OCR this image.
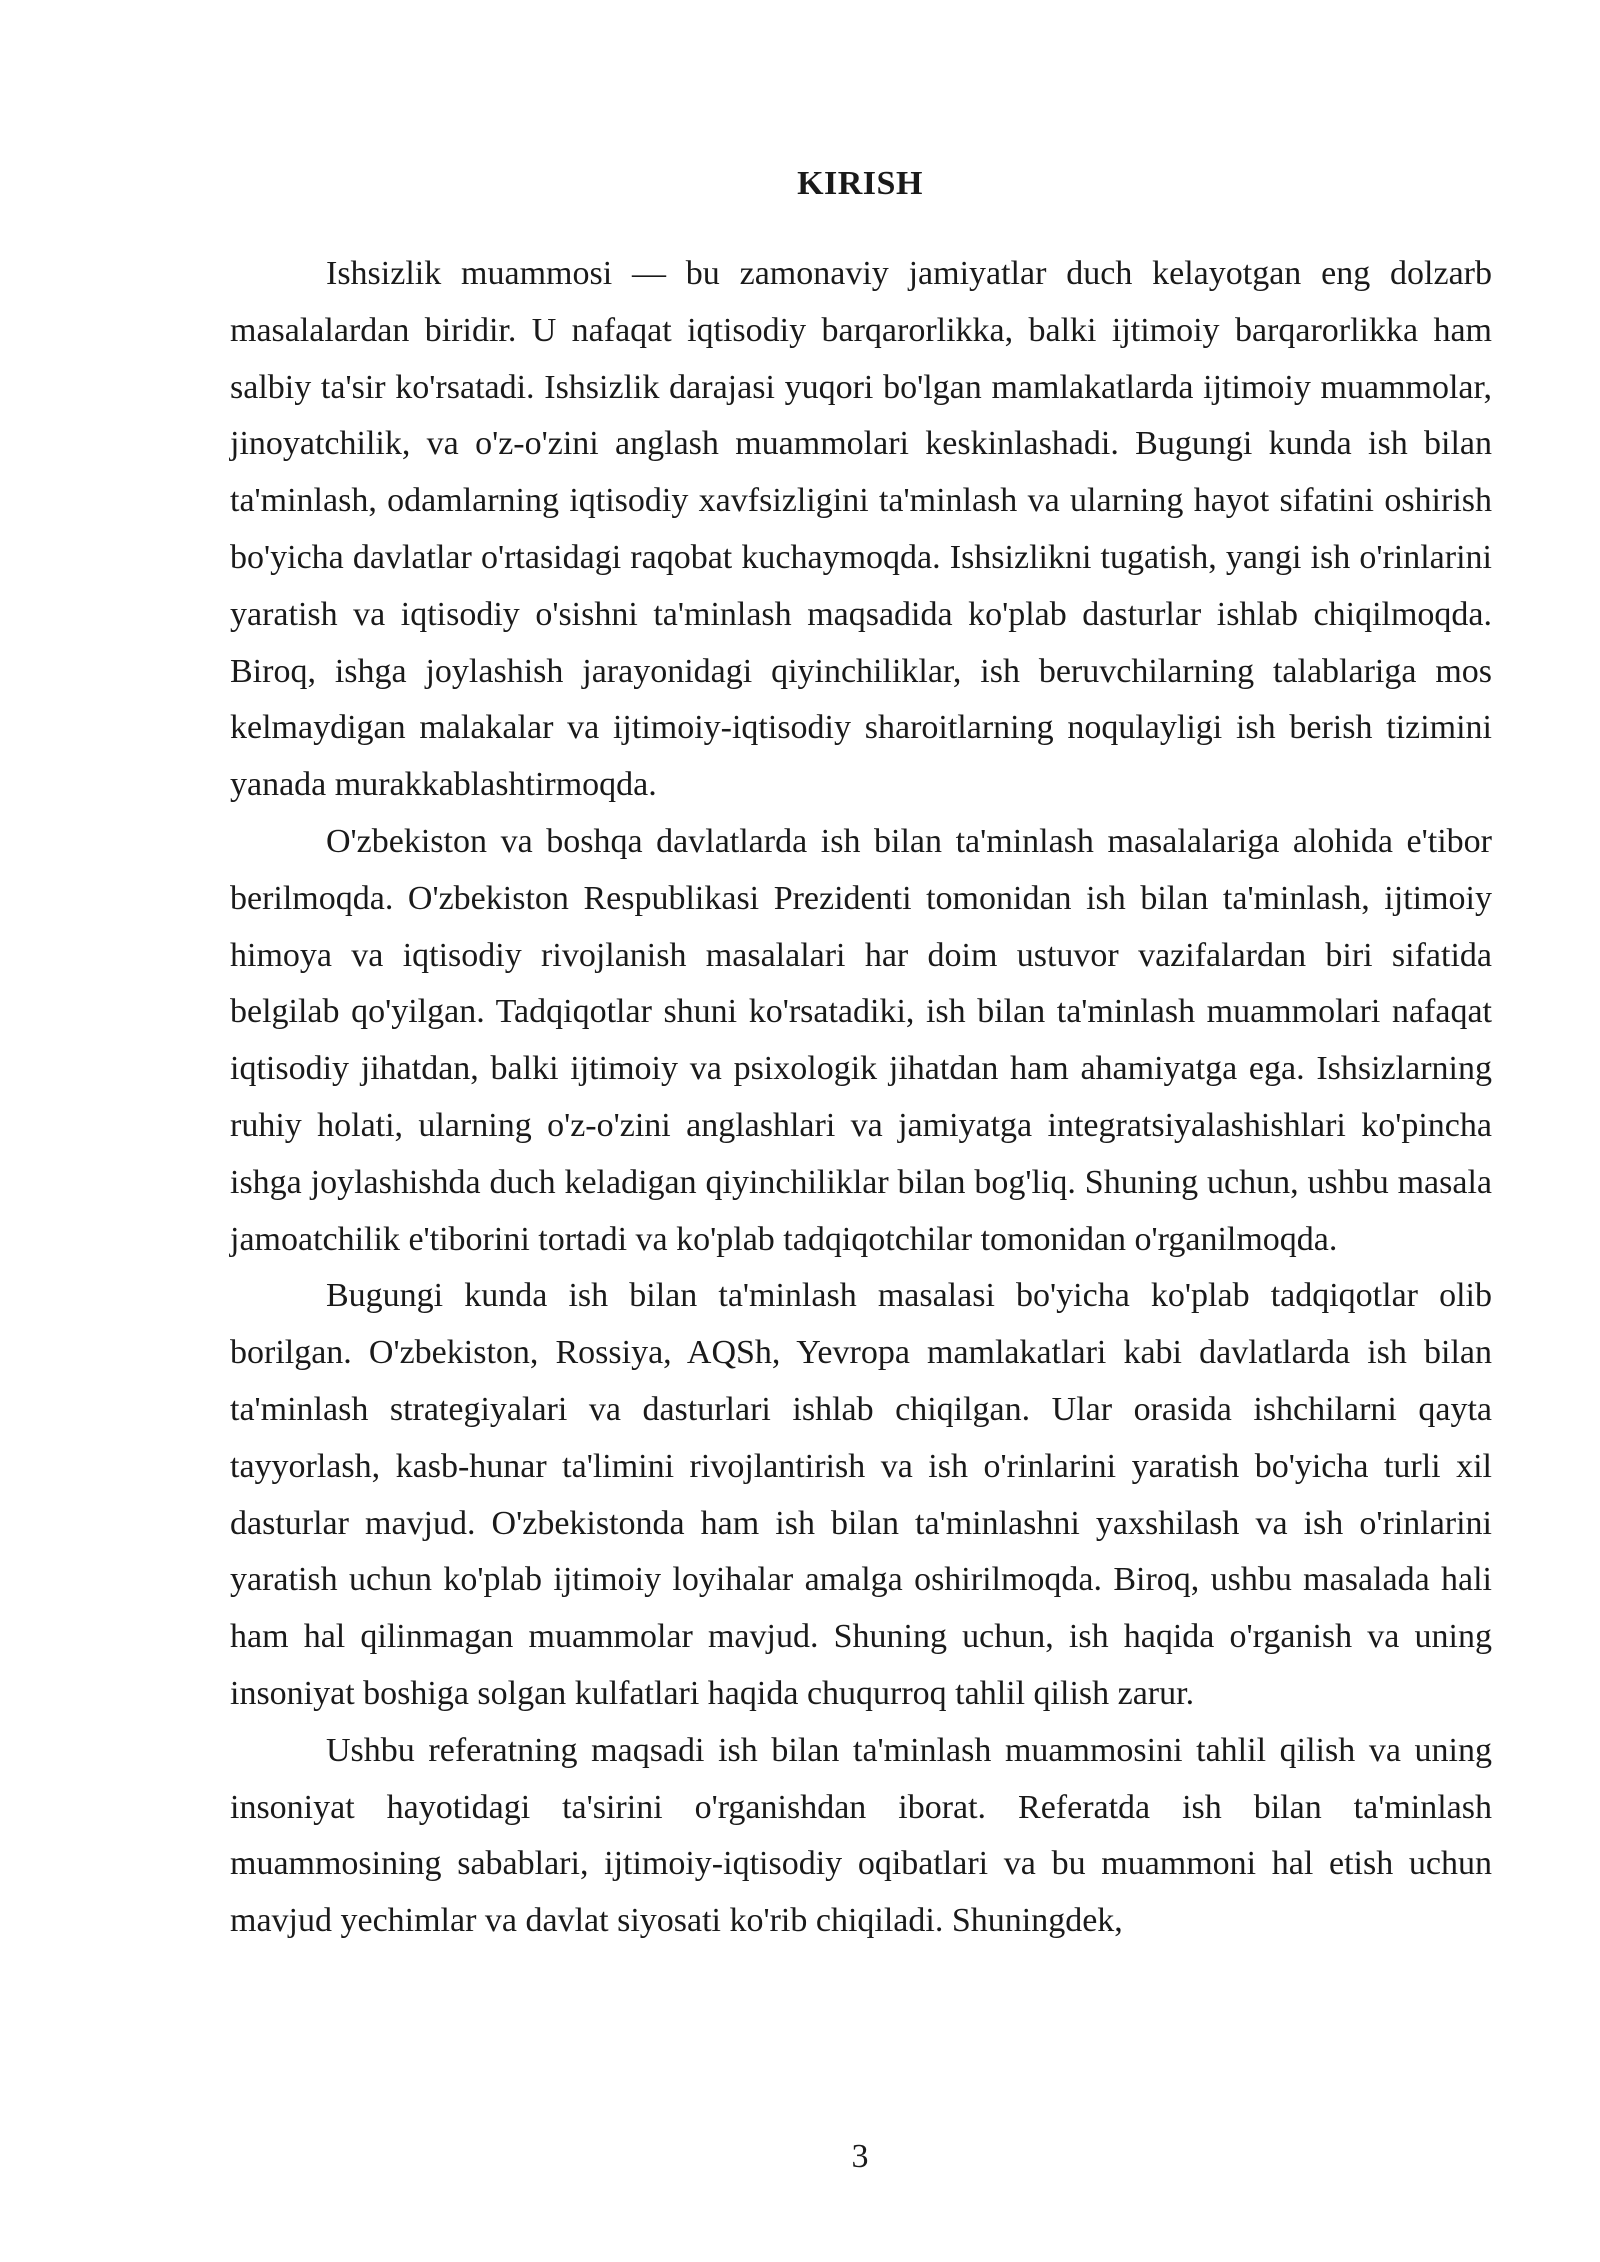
KIRISH

Ishsizlik muammosi — bu zamonaviy jamiyatlar duch kelayotgan eng dolzarb masalalardan biridir. U nafaqat iqtisodiy barqarorlikka, balki ijtimoiy barqarorlikka ham salbiy ta'sir ko'rsatadi. Ishsizlik darajasi yuqori bo'lgan mamlakatlarda ijtimoiy muammolar, jinoyatchilik, va o'z-o'zini anglash muammolari keskinlashadi. Bugungi kunda ish bilan ta'minlash, odamlarning iqtisodiy xavfsizligini ta'minlash va ularning hayot sifatini oshirish bo'yicha davlatlar o'rtasidagi raqobat kuchaymoqda. Ishsizlikni tugatish, yangi ish o'rinlarini yaratish va iqtisodiy o'sishni ta'minlash maqsadida ko'plab dasturlar ishlab chiqilmoqda. Biroq, ishga joylashish jarayonidagi qiyinchiliklar, ish beruvchilarning talablariga mos kelmaydigan malakalar va ijtimoiy-iqtisodiy sharoitlarning noqulayligi ish berish tizimini yanada murakkablashtirmoqda.

O'zbekiston va boshqa davlatlarda ish bilan ta'minlash masalalariga alohida e'tibor berilmoqda. O'zbekiston Respublikasi Prezidenti tomonidan ish bilan ta'minlash, ijtimoiy himoya va iqtisodiy rivojlanish masalalari har doim ustuvor vazifalardan biri sifatida belgilab qo'yilgan. Tadqiqotlar shuni ko'rsatadiki, ish bilan ta'minlash muammolari nafaqat iqtisodiy jihatdan, balki ijtimoiy va psixologik jihatdan ham ahamiyatga ega. Ishsizlarning ruhiy holati, ularning o'z-o'zini anglashlari va jamiyatga integratsiyalashishlari ko'pincha ishga joylashishda duch keladigan qiyinchiliklar bilan bog'liq. Shuning uchun, ushbu masala jamoatchilik e'tiborini tortadi va ko'plab tadqiqotchilar tomonidan o'rganilmoqda.

Bugungi kunda ish bilan ta'minlash masalasi bo'yicha ko'plab tadqiqotlar olib borilgan. O'zbekiston, Rossiya, AQSh, Yevropa mamlakatlari kabi davlatlarda ish bilan ta'minlash strategiyalari va dasturlari ishlab chiqilgan. Ular orasida ishchilarni qayta tayyorlash, kasb-hunar ta'limini rivojlantirish va ish o'rinlarini yaratish bo'yicha turli xil dasturlar mavjud. O'zbekistonda ham ish bilan ta'minlashni yaxshilash va ish o'rinlarini yaratish uchun ko'plab ijtimoiy loyihalar amalga oshirilmoqda. Biroq, ushbu masalada hali ham hal qilinmagan muammolar mavjud. Shuning uchun, ish haqida o'rganish va uning insoniyat boshiga solgan kulfatlari haqida chuqurroq tahlil qilish zarur.

Ushbu referatning maqsadi ish bilan ta'minlash muammosini tahlil qilish va uning insoniyat hayotidagi ta'sirini o'rganishdan iborat. Referatda ish bilan ta'minlash muammosining sabablari, ijtimoiy-iqtisodiy oqibatlari va bu muammoni hal etish uchun mavjud yechimlar va davlat siyosati ko'rib chiqiladi. Shuningdek,

3
